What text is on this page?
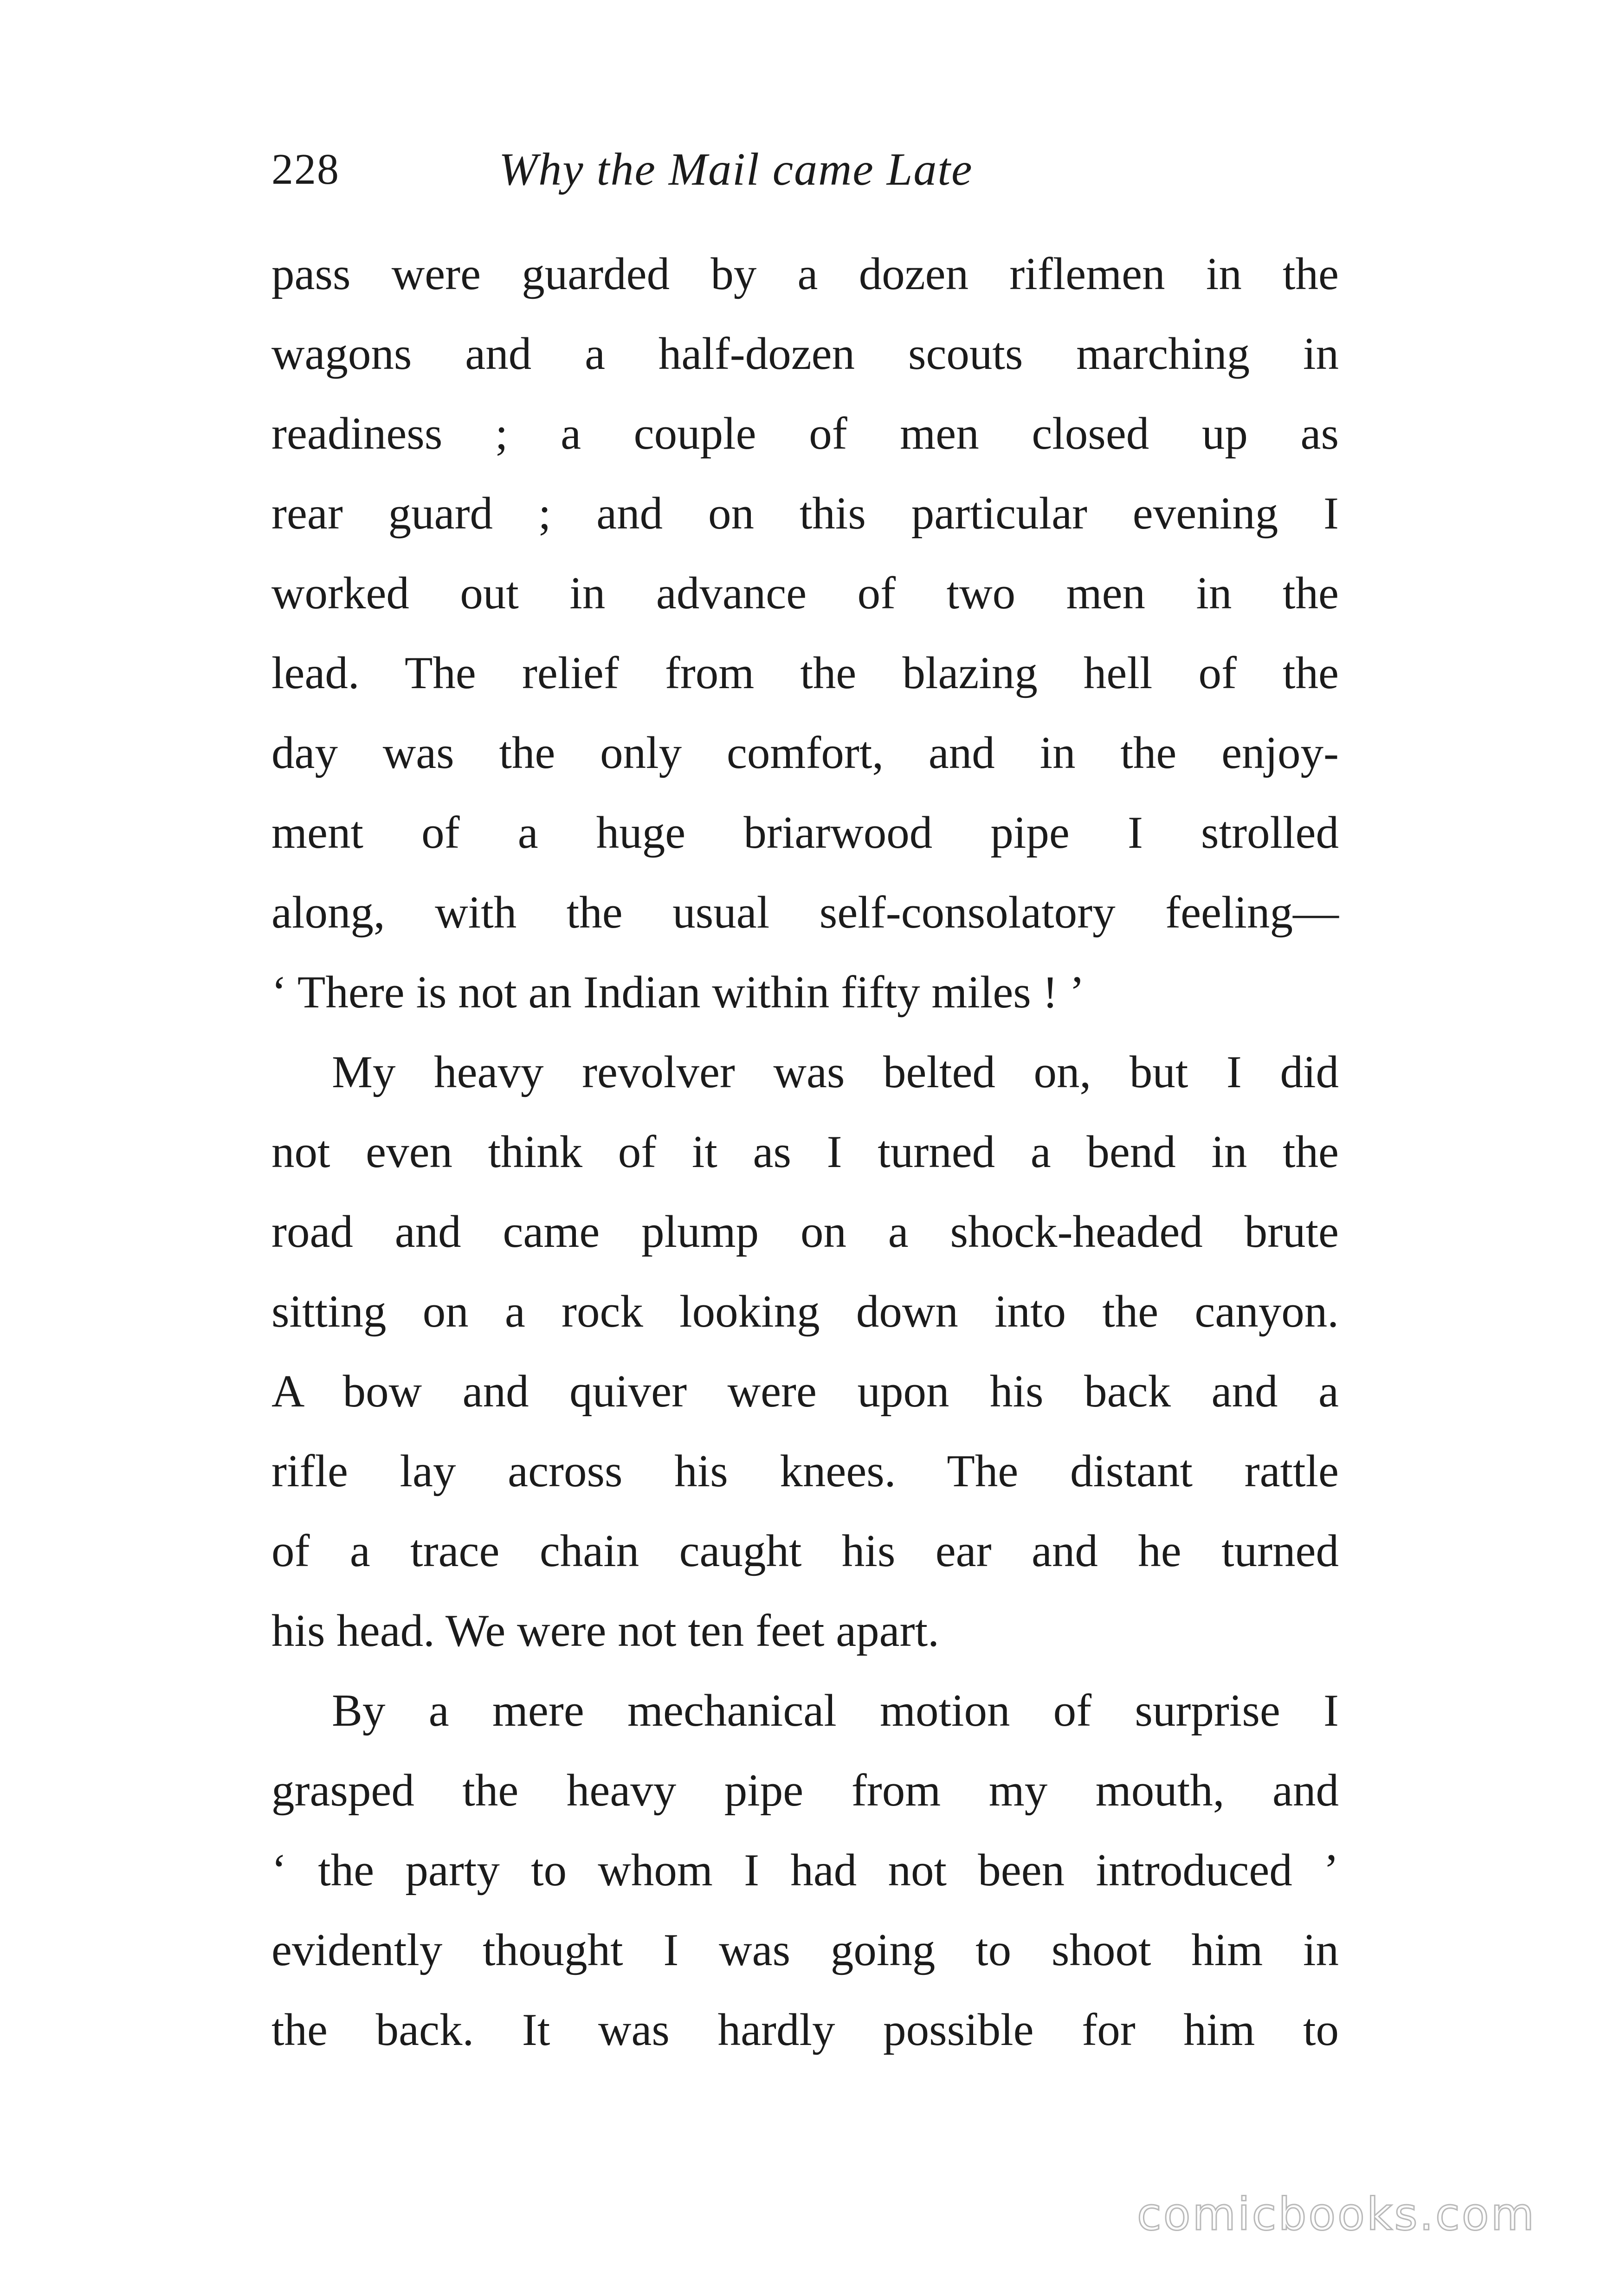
228	Why the Mail came Late
pass were guarded by a dozen riflemen in the
wagons and a half-dozen scouts marching in
readiness ; a couple of men closed up as
rear guard ; and on this particular evening I
worked out in advance of two men in the
lead. The relief from the blazing hell of the
day was the only comfort, and in the enjoy-
ment of a huge briarwood pipe I strolled
along, with the usual self-consolatory feeling—
‘ There is not an Indian within fifty miles ! ’
My heavy revolver was belted on, but I did
not even think of it as I turned a bend in the
road and came plump on a shock-headed brute
sitting on a rock looking down into the canyon.
A bow and quiver were upon his back and a
rifle lay across his knees. The distant rattle
of a trace chain caught his ear and he turned
his head. We were not ten feet apart.
By a mere mechanical motion of surprise I
grasped the heavy pipe from my mouth, and
‘ the party to whom I had not been introduced ’
evidently thought I was going to shoot him in
the back. It was hardly possible for him to
comicbooks.com
